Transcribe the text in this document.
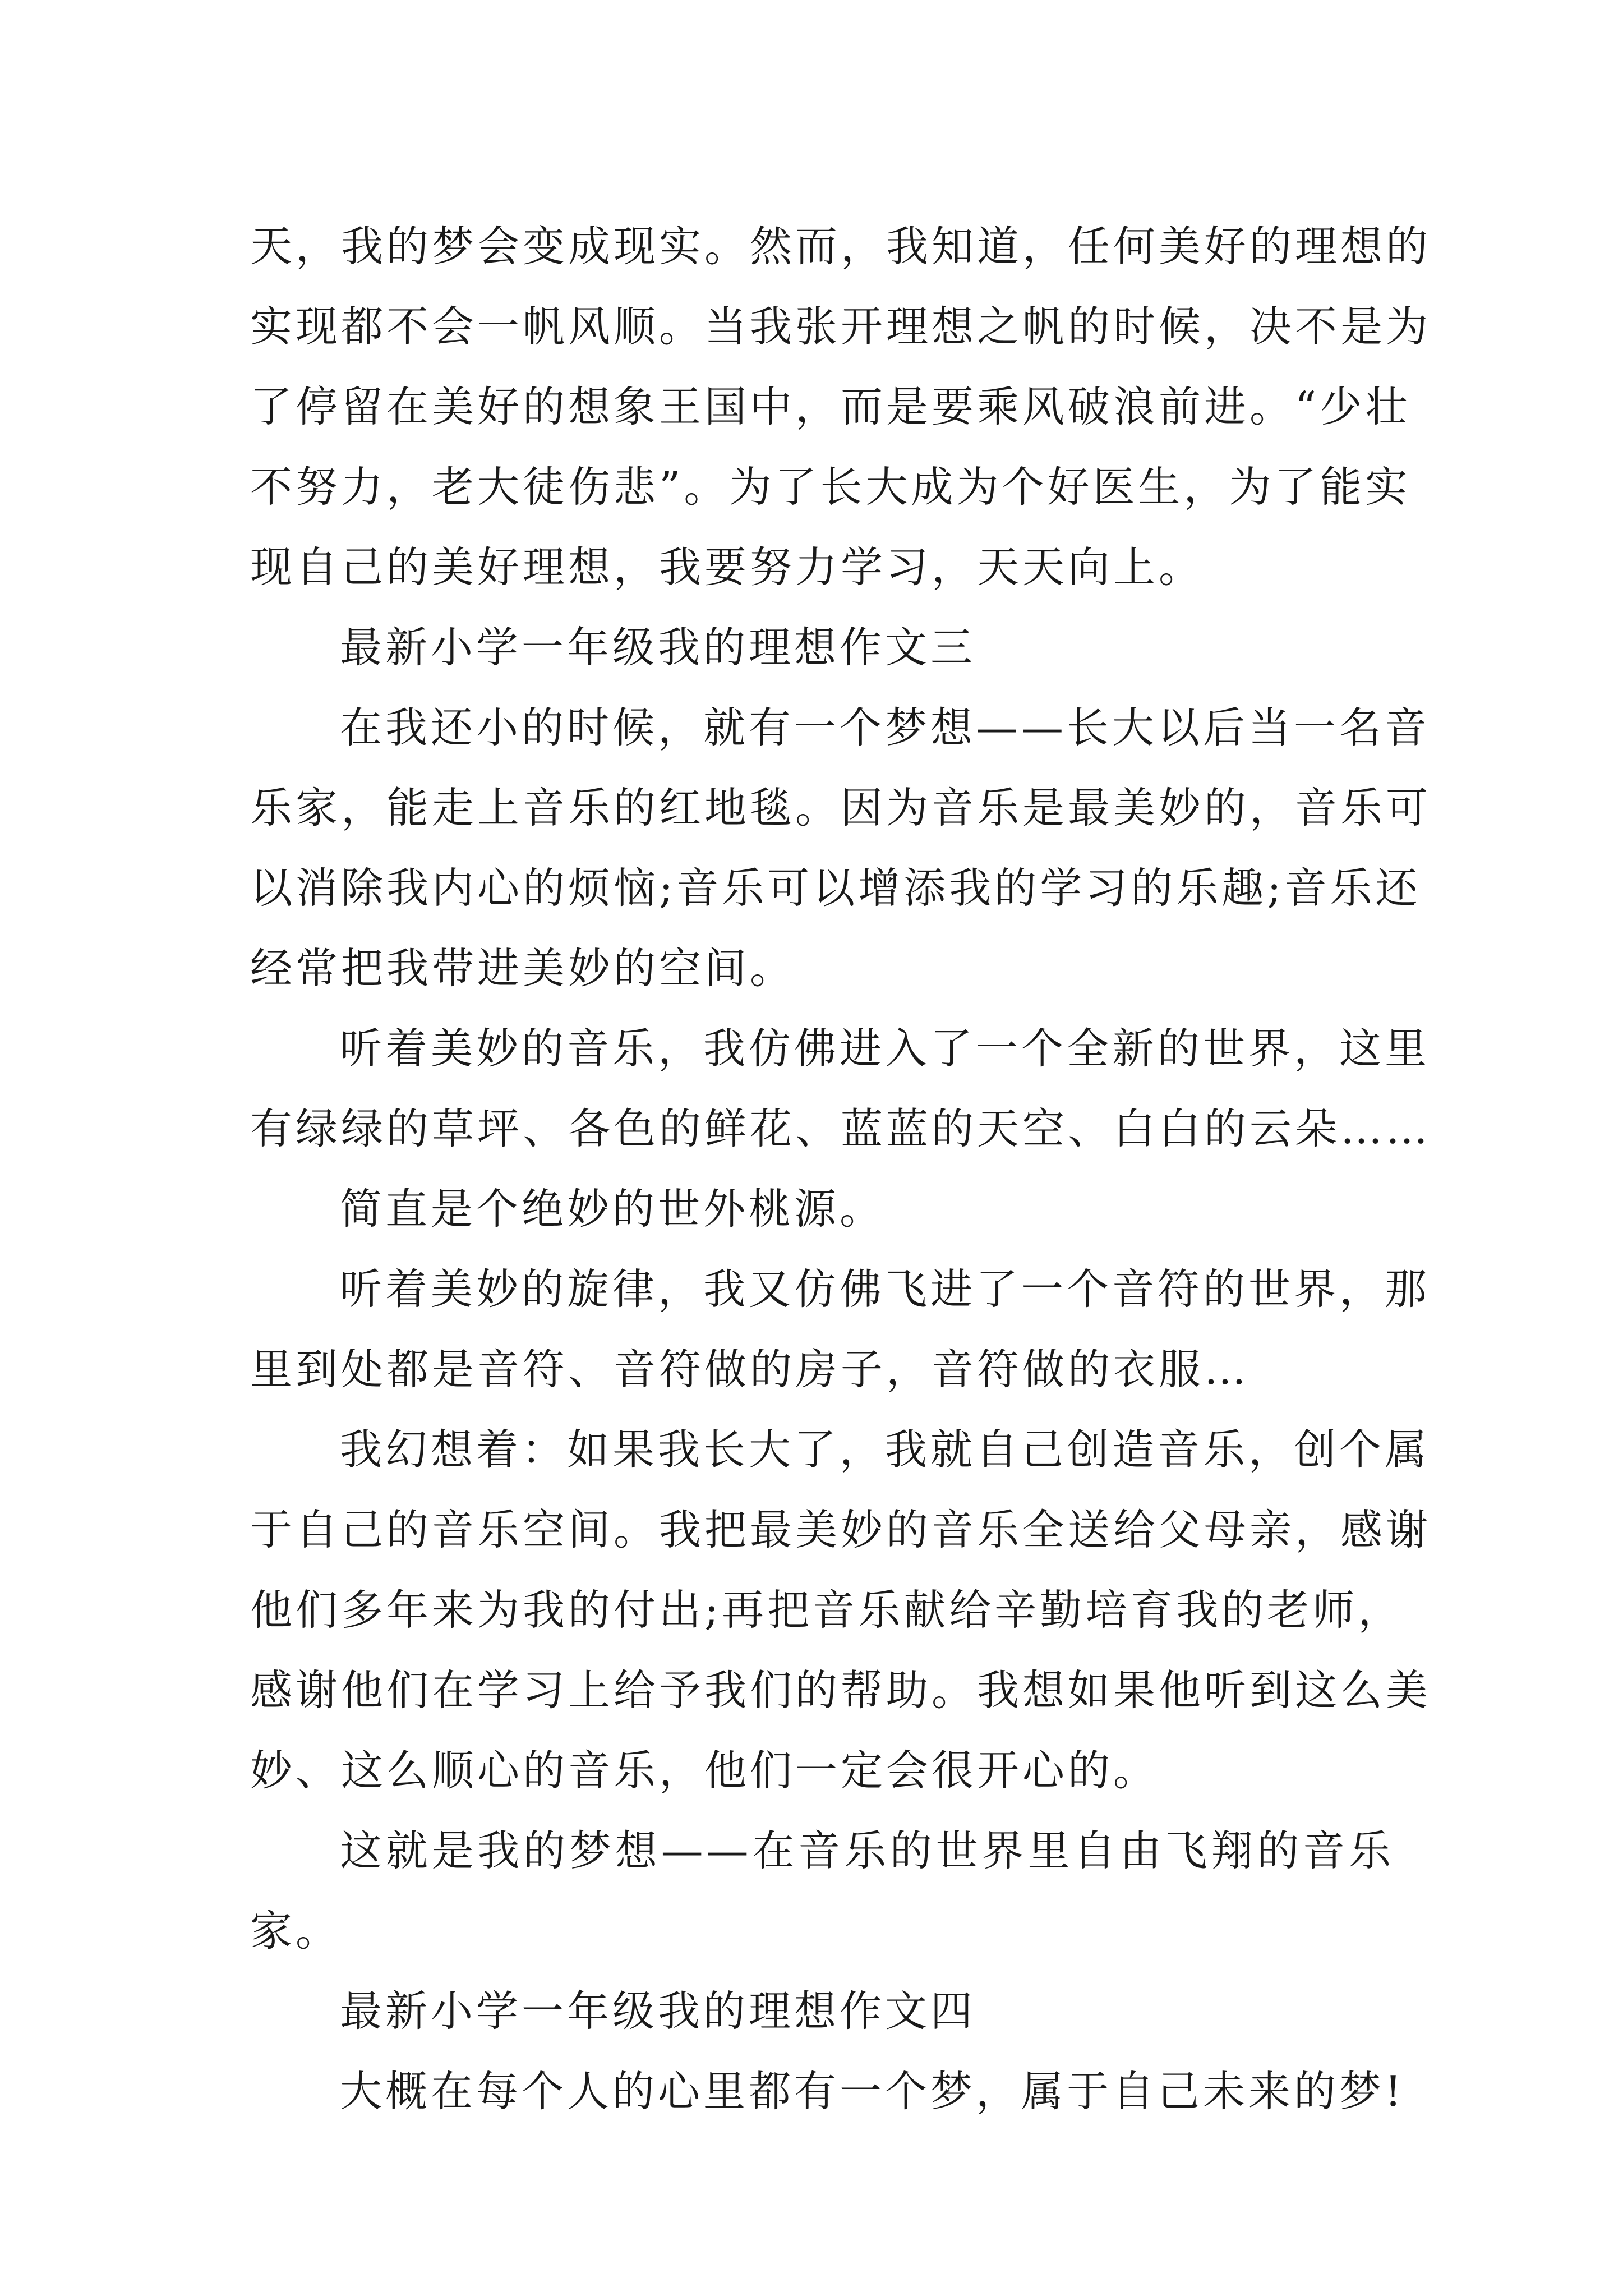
天，我的梦会变成现实。然而，我知道，任何美好的理想的
实现都不会一帆风顺。当我张开理想之帆的时候，决不是为
了停留在美好的想象王国中，而是要乘风破浪前进。“少壮
不努力，老大徒伤悲”。为了长大成为个好医生，为了能实
现自己的美好理想，我要努力学习，天天向上。
最新小学一年级我的理想作文三
在我还小的时候，就有一个梦想——长大以后当一名音
乐家，能走上音乐的红地毯。因为音乐是最美妙的，音乐可
以消除我内心的烦恼;音乐可以增添我的学习的乐趣;音乐还
经常把我带进美妙的空间。
听着美妙的音乐，我仿佛进入了一个全新的世界，这里
有绿绿的草坪、各色的鲜花、蓝蓝的天空、白白的云朵……
简直是个绝妙的世外桃源。
听着美妙的旋律，我又仿佛飞进了一个音符的世界，那
里到处都是音符、音符做的房子，音符做的衣服…
我幻想着：如果我长大了，我就自己创造音乐，创个属
于自己的音乐空间。我把最美妙的音乐全送给父母亲，感谢
他们多年来为我的付出;再把音乐献给辛勤培育我的老师，
感谢他们在学习上给予我们的帮助。我想如果他听到这么美
妙、这么顺心的音乐，他们一定会很开心的。
这就是我的梦想——在音乐的世界里自由飞翔的音乐
家。
最新小学一年级我的理想作文四
大概在每个人的心里都有一个梦，属于自己未来的梦!
